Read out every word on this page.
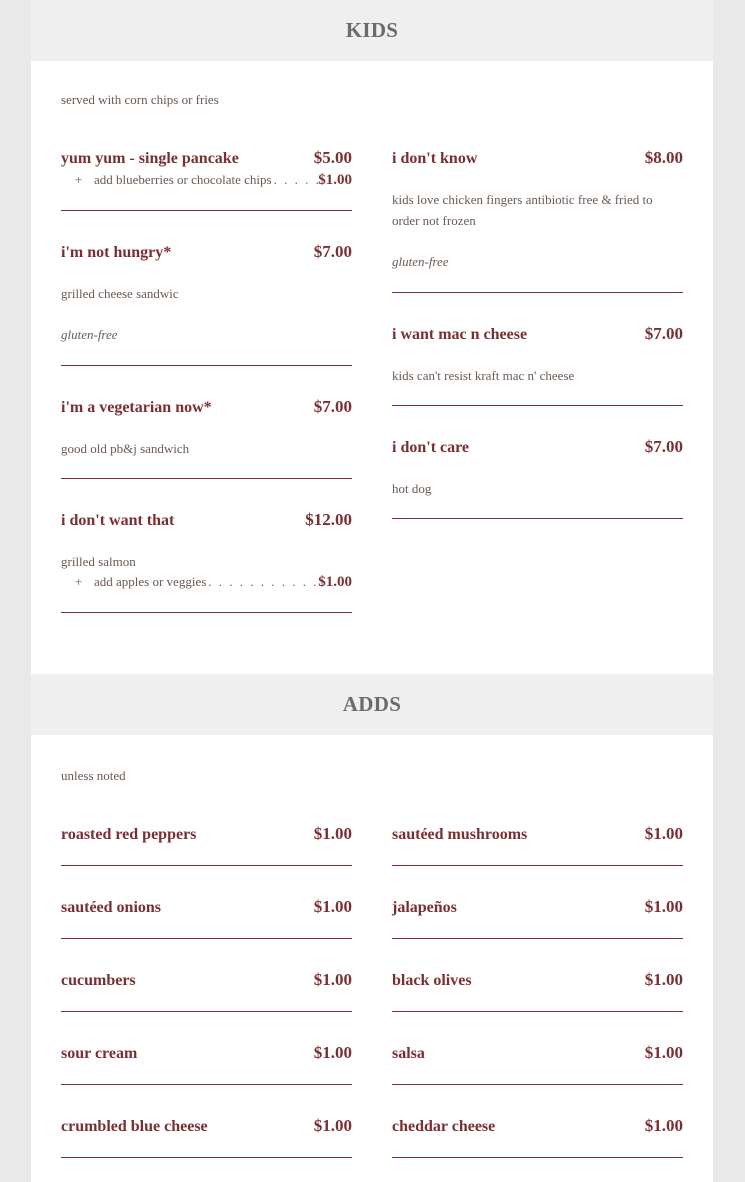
KIDS
served with corn chips or fries
yum yum - single pancake	$5.00
+ add blueberries or chocolate chips . . .	$1.00
i'm not hungry*	$7.00
grilled cheese sandwic
gluten-free
i'm a vegetarian now*	$7.00
good old pb&j sandwich
i don't want that	$12.00
grilled salmon
+ add apples or veggies . . .	$1.00
i don't know	$8.00
kids love chicken fingers antibiotic free & fried to order not frozen
gluten-free
i want mac n cheese	$7.00
kids can't resist kraft mac n' cheese
i don't care	$7.00
hot dog
ADDS
unless noted
roasted red peppers	$1.00
sautéed onions	$1.00
cucumbers	$1.00
sour cream	$1.00
crumbled blue cheese	$1.00
sautéed mushrooms	$1.00
jalapeños	$1.00
black olives	$1.00
salsa	$1.00
cheddar cheese	$1.00
